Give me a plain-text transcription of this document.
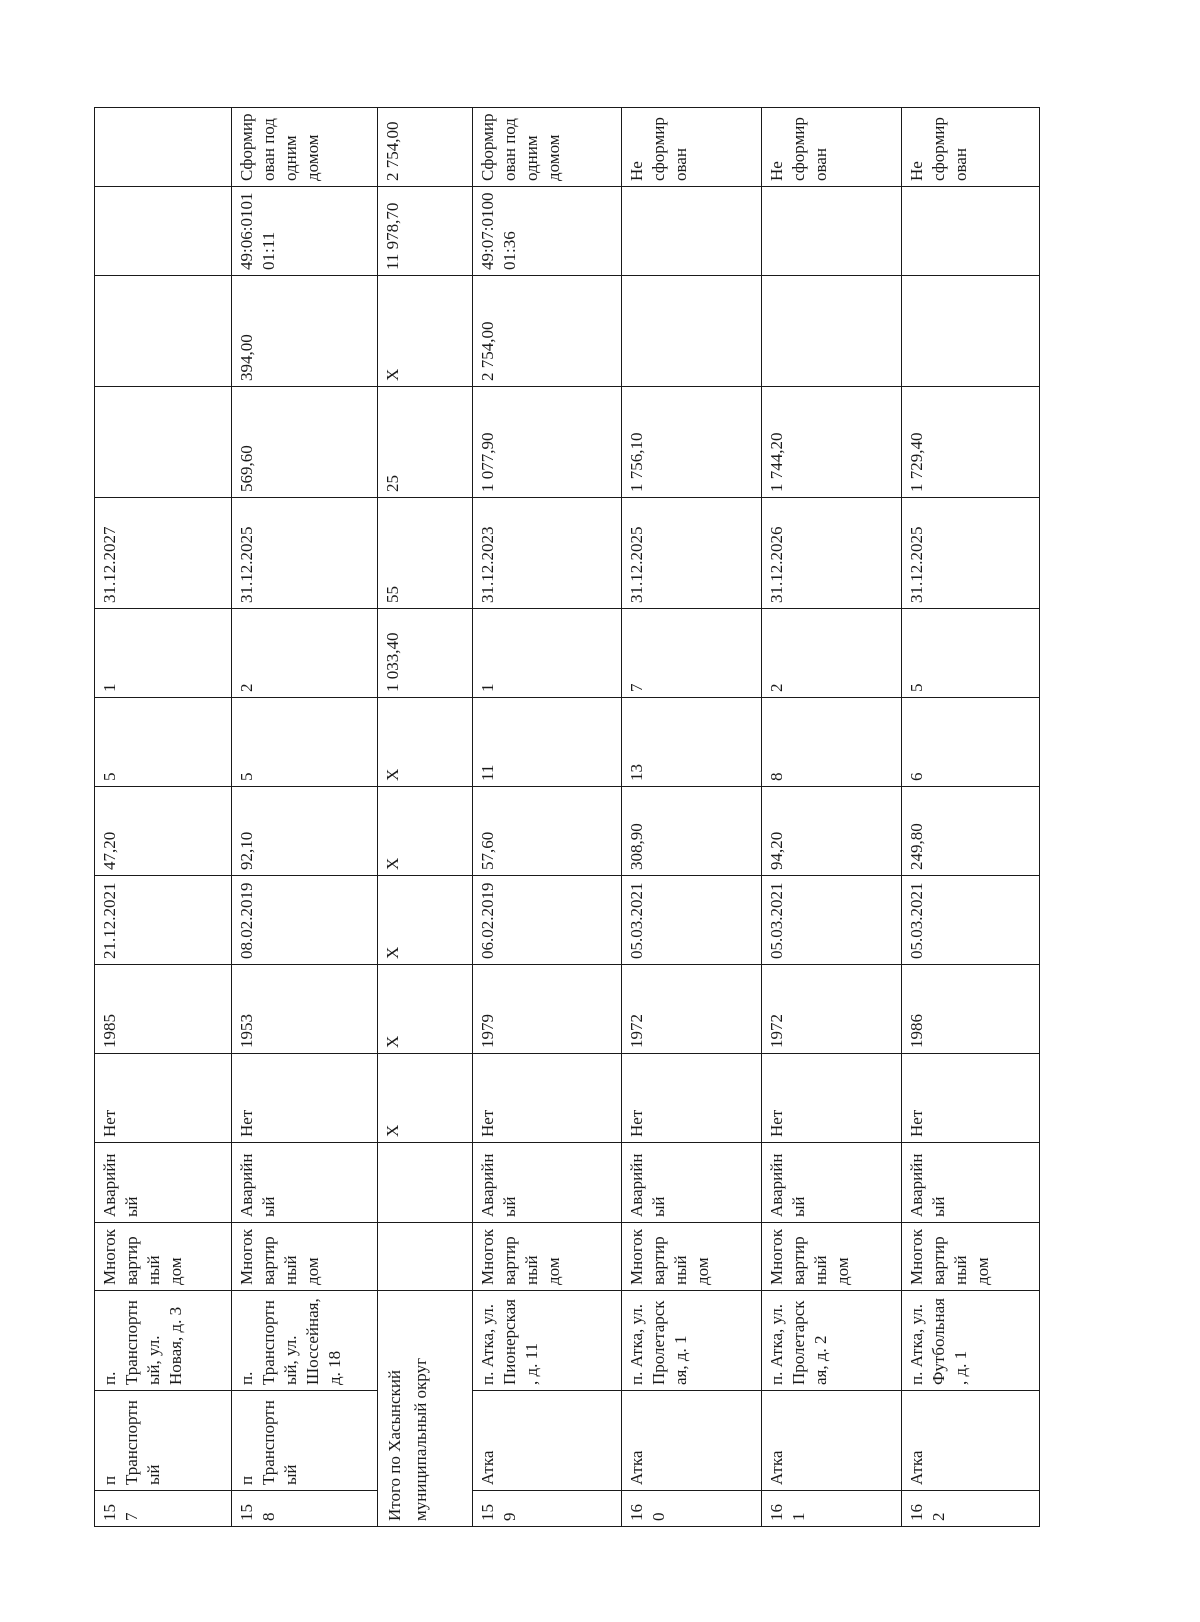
157	п Транспортный	п. Транспортный, ул. Новая, д. 3	Многоквартирный дом	Аварийный	Нет	1985	21.12.2021	47,20	5	1	31.12.2027				

158	п Транспортный	п. Транспортный, ул. Шоссейная, д. 18	Многоквартирный дом	Аварийный	Нет	1953	08.02.2019	92,10	5	2	31.12.2025	569,60	394,00	49:06:010101:11	Сформирован под одним домом
Итого по Хасынский муниципальный округ					X	X	X	X	X	1 033,40	55	25	X	11 978,70	2 754,00

159	Атка	п. Атка, ул. Пионерская, д. 11	Многоквартирный дом	Аварийный	Нет	1979	06.02.2019	57,60	11	1	31.12.2023	1 077,90	2 754,00	49:07:010001:36	Сформирован под одним домом

160	Атка	п. Атка, ул. Пролетарская, д. 1	Многоквартирный дом	Аварийный	Нет	1972	05.03.2021	308,90	13	7	31.12.2025	1 756,10			Не сформирован

161	Атка	п. Атка, ул. Пролетарская, д. 2	Многоквартирный дом	Аварийный	Нет	1972	05.03.2021	94,20	8	2	31.12.2026	1 744,20			Не сформирован

162	Атка	п. Атка, ул. Футбольная, д. 1	Многоквартирный дом	Аварийный	Нет	1986	05.03.2021	249,80	6	5	31.12.2025	1 729,40			Не сформирован
